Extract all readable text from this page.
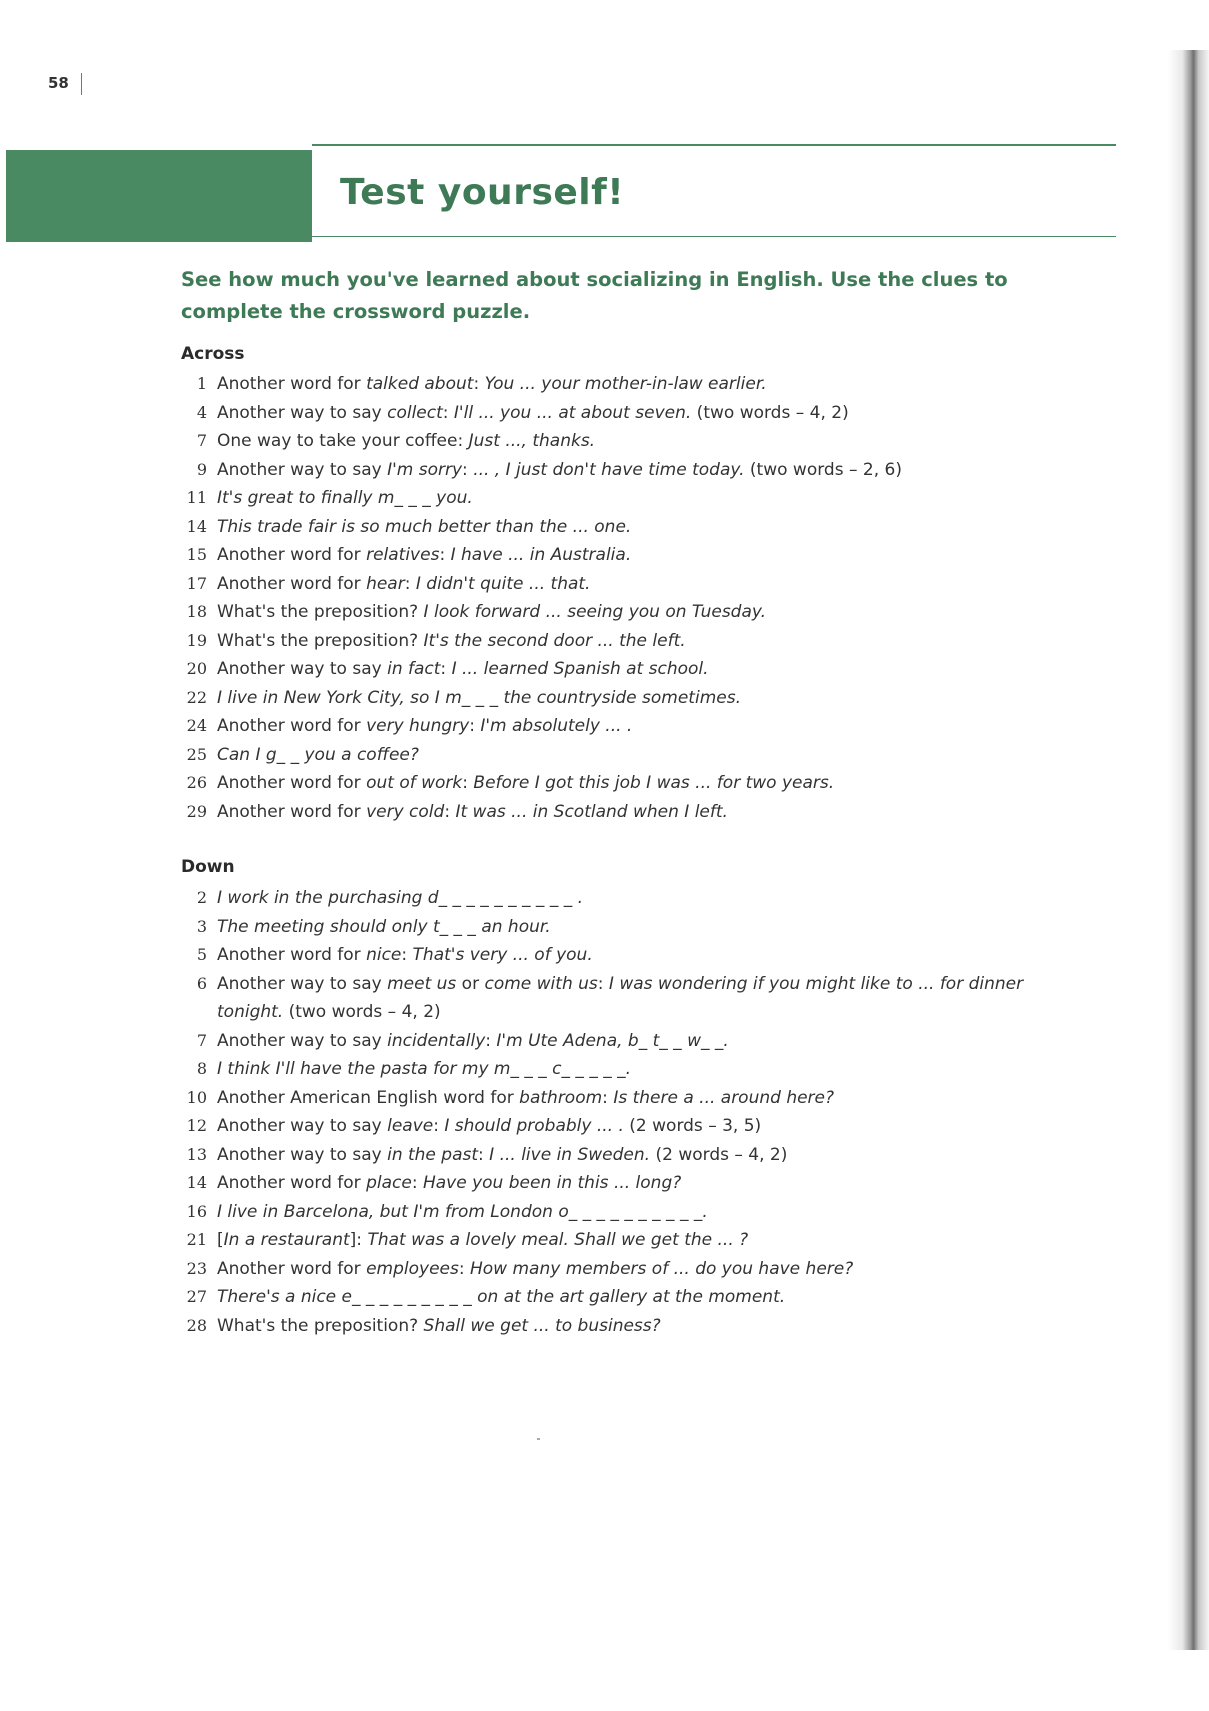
58
Test yourself!
See how much you've learned about socializing in English. Use the clues to complete the crossword puzzle.
Across
1 Another word for talked about: You ... your mother-in-law earlier.
4 Another way to say collect: I'll ... you ... at about seven. (two words – 4, 2)
7 One way to take your coffee: Just ..., thanks.
9 Another way to say I'm sorry: ... , I just don't have time today. (two words – 2, 6)
11 It's great to finally m_ _ _ you.
14 This trade fair is so much better than the ... one.
15 Another word for relatives: I have ... in Australia.
17 Another word for hear: I didn't quite ... that.
18 What's the preposition? I look forward ... seeing you on Tuesday.
19 What's the preposition? It's the second door ... the left.
20 Another way to say in fact: I ... learned Spanish at school.
22 I live in New York City, so I m_ _ _ the countryside sometimes.
24 Another word for very hungry: I'm absolutely ... .
25 Can I g_ _ you a coffee?
26 Another word for out of work: Before I got this job I was ... for two years.
29 Another word for very cold: It was ... in Scotland when I left.
Down
2 I work in the purchasing d_ _ _ _ _ _ _ _ _ _ .
3 The meeting should only t_ _ _ an hour.
5 Another word for nice: That's very ... of you.
6 Another way to say meet us or come with us: I was wondering if you might like to ... for dinner tonight. (two words – 4, 2)
7 Another way to say incidentally: I'm Ute Adena, b_ t_ _ w_ _.
8 I think I'll have the pasta for my m_ _ _ c_ _ _ _ _.
10 Another American English word for bathroom: Is there a ... around here?
12 Another way to say leave: I should probably ... . (2 words – 3, 5)
13 Another way to say in the past: I ... live in Sweden. (2 words – 4, 2)
14 Another word for place: Have you been in this ... long?
16 I live in Barcelona, but I'm from London o_ _ _ _ _ _ _ _ _ _.
21 [In a restaurant]: That was a lovely meal. Shall we get the ... ?
23 Another word for employees: How many members of ... do you have here?
27 There's a nice e_ _ _ _ _ _ _ _ _ on at the art gallery at the moment.
28 What's the preposition? Shall we get ... to business?
